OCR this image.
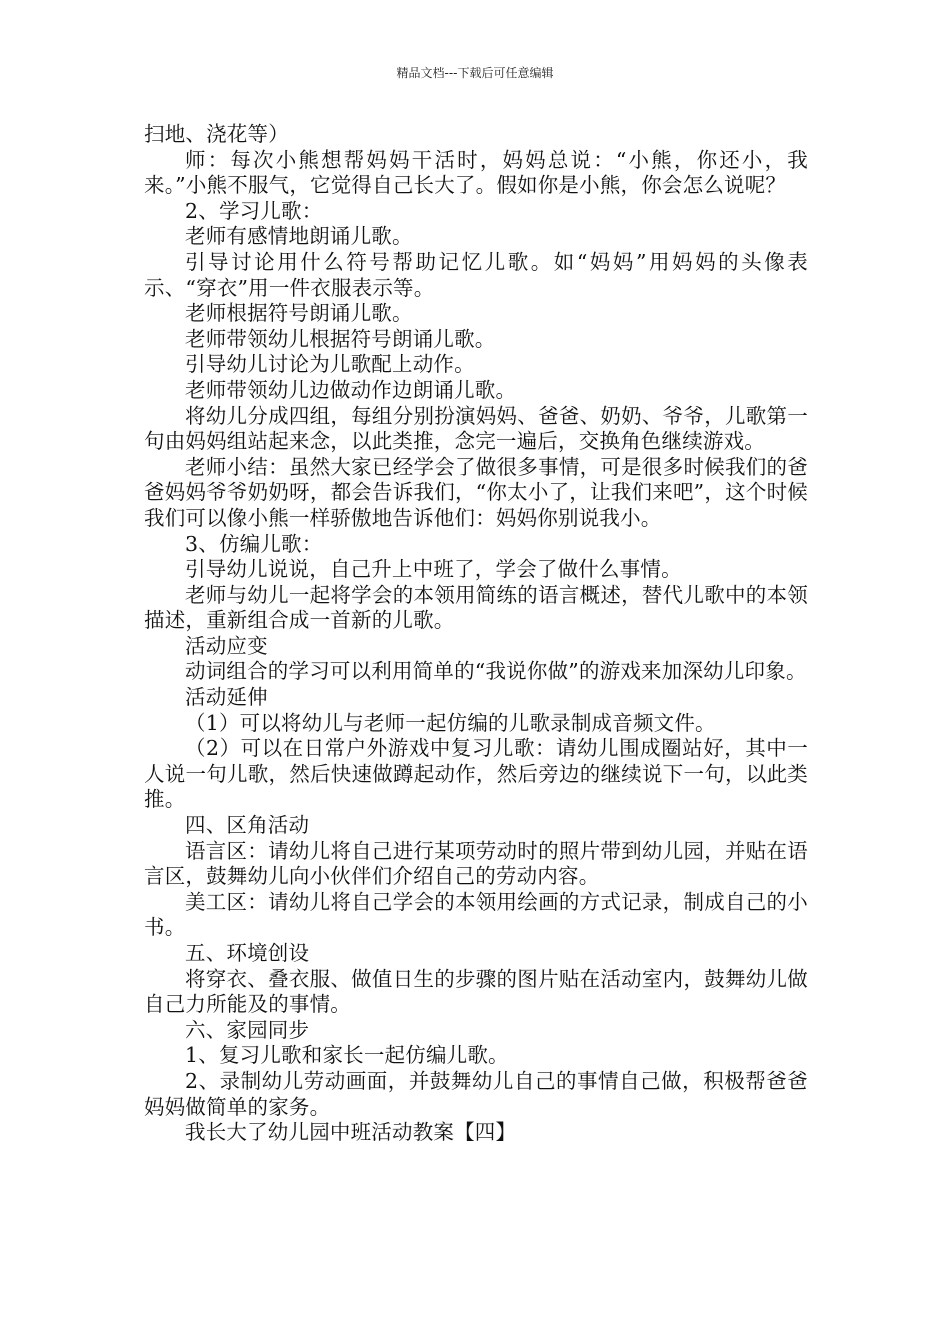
精品文档---下载后可任意编辑

扫地、浇花等）

师：每次小熊想帮妈妈干活时，妈妈总说：“小熊，你还小，我来。”小熊不服气，它觉得自己长大了。假如你是小熊，你会怎么说呢？

2、学习儿歌：

老师有感情地朗诵儿歌。

引导讨论用什么符号帮助记忆儿歌。如“妈妈”用妈妈的头像表示、“穿衣”用一件衣服表示等。

老师根据符号朗诵儿歌。

老师带领幼儿根据符号朗诵儿歌。

引导幼儿讨论为儿歌配上动作。

老师带领幼儿边做动作边朗诵儿歌。

将幼儿分成四组，每组分别扮演妈妈、爸爸、奶奶、爷爷，儿歌第一句由妈妈组站起来念，以此类推，念完一遍后，交换角色继续游戏。

老师小结：虽然大家已经学会了做很多事情，可是很多时候我们的爸爸妈妈爷爷奶奶呀，都会告诉我们，“你太小了，让我们来吧”，这个时候我们可以像小熊一样骄傲地告诉他们：妈妈你别说我小。

3、仿编儿歌：

引导幼儿说说，自己升上中班了，学会了做什么事情。

老师与幼儿一起将学会的本领用简练的语言概述，替代儿歌中的本领描述，重新组合成一首新的儿歌。

活动应变

动词组合的学习可以利用简单的“我说你做”的游戏来加深幼儿印象。

活动延伸

（1）可以将幼儿与老师一起仿编的儿歌录制成音频文件。

（2）可以在日常户外游戏中复习儿歌：请幼儿围成圈站好，其中一人说一句儿歌，然后快速做蹲起动作，然后旁边的继续说下一句，以此类推。

四、区角活动

语言区：请幼儿将自己进行某项劳动时的照片带到幼儿园，并贴在语言区，鼓舞幼儿向小伙伴们介绍自己的劳动内容。

美工区：请幼儿将自己学会的本领用绘画的方式记录，制成自己的小书。

五、环境创设

将穿衣、叠衣服、做值日生的步骤的图片贴在活动室内，鼓舞幼儿做自己力所能及的事情。

六、家园同步

1、复习儿歌和家长一起仿编儿歌。

2、录制幼儿劳动画面，并鼓舞幼儿自己的事情自己做，积极帮爸爸妈妈做简单的家务。

我长大了幼儿园中班活动教案【四】
